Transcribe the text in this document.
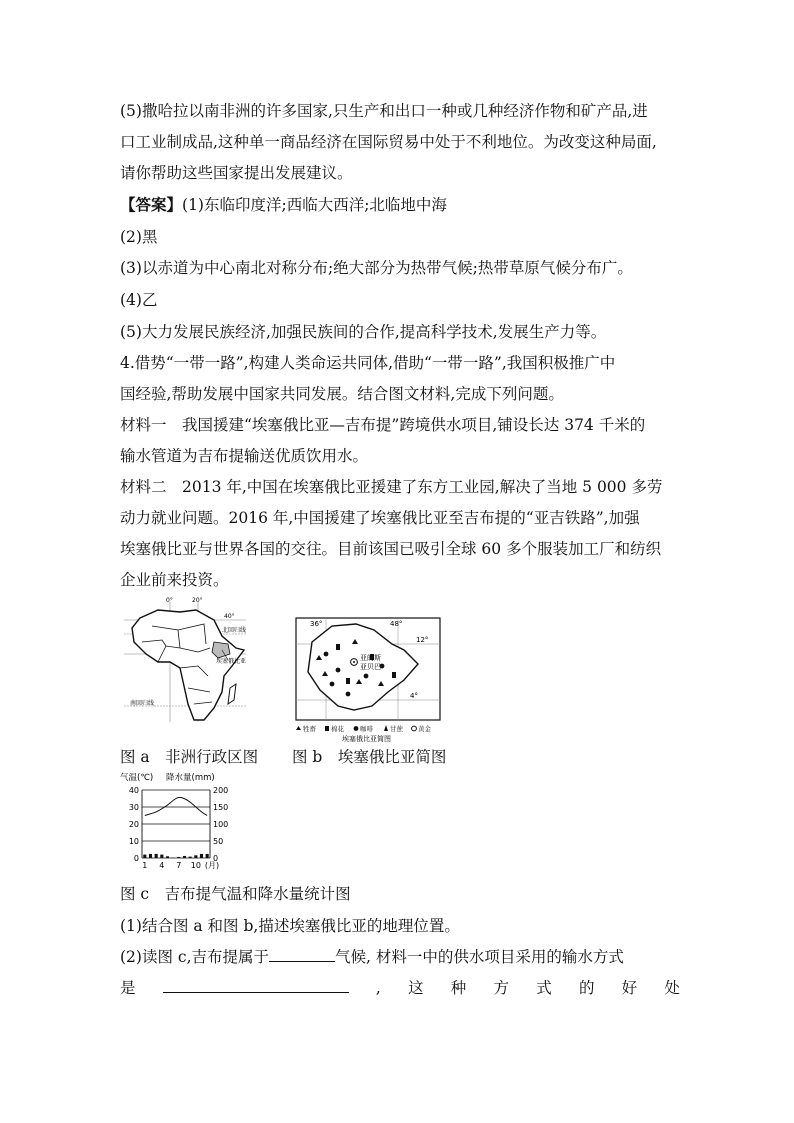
(5)撒哈拉以南非洲的许多国家,只生产和出口一种或几种经济作物和矿产品,进
口工业制成品,这种单一商品经济在国际贸易中处于不利地位。为改变这种局面,
请你帮助这些国家提出发展建议。
【答案】(1)东临印度洋;西临大西洋;北临地中海
(2)黑
(3)以赤道为中心南北对称分布;绝大部分为热带气候;热带草原气候分布广。
(4)乙
(5)大力发展民族经济,加强民族间的合作,提高科学技术,发展生产力等。
4.借势“一带一路”,构建人类命运共同体,借助“一带一路”,我国积极推广中
国经验,帮助发展中国家共同发展。结合图文材料,完成下列问题。
材料一　我国援建“埃塞俄比亚—吉布提”跨境供水项目,铺设长达 374 千米的
输水管道为吉布提输送优质饮用水。
材料二　2013 年,中国在埃塞俄比亚援建了东方工业园,解决了当地 5 000 多劳
动力就业问题。2016 年,中国援建了埃塞俄比亚至吉布提的“亚吉铁路”,加强
埃塞俄比亚与世界各国的交往。目前该国已吸引全球 60 多个服装加工厂和纺织
企业前来投资。
0°	20°
40°
北回归线
埃塞俄比亚
南回归线
36°	48°
12°
4°
亚的斯
亚贝巴
牲畜 棉花 咖啡	甘蔗 黄金
埃塞俄比亚简图
图 a　非洲行政区图 图 b　埃塞俄比亚简图
气温(℃) 降水量(mm)
40	200
30	150
20	100
10	50
0	0
1 4 7 10 (月)
图 c　吉布提气温和降水量统计图
(1)结合图 a 和图 b,描述埃塞俄比亚的地理位置。
(2)读图 c,吉布提属于	气候, 材料一中的供水项目采用的输水方式
是	, 这 种 方 式 的 好 处
